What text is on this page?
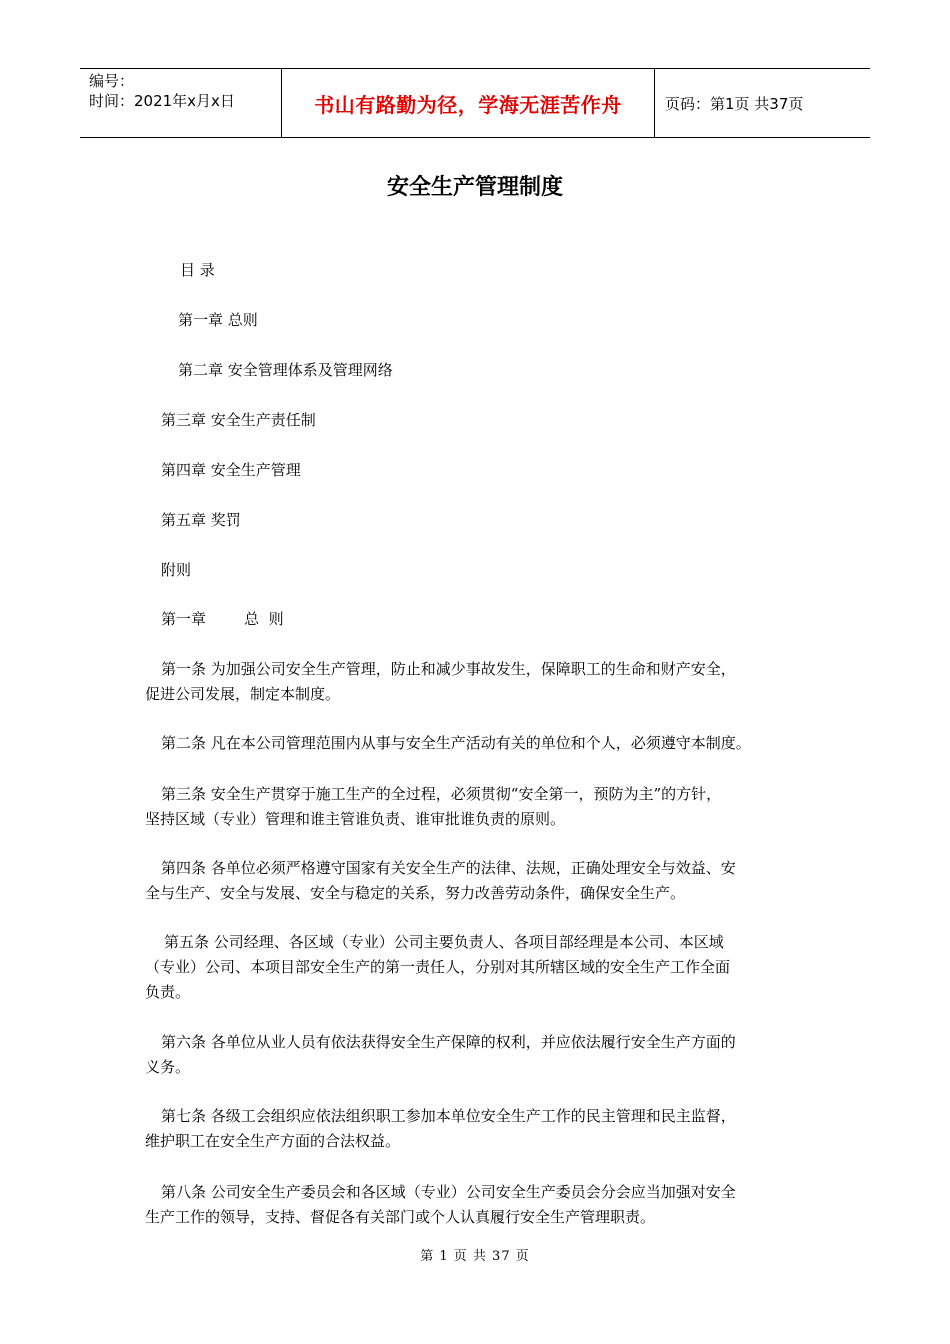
编号：
时间：2021年x月x日	书山有路勤为径，学海无涯苦作舟	页码：第1页 共37页
安全生产管理制度
目 录
第一章 总则
第二章 安全管理体系及管理网络
第三章 安全生产责任制
第四章 安全生产管理
第五章 奖罚
附则
第一章        总  则
第一条 为加强公司安全生产管理，防止和减少事故发生，保障职工的生命和财产安全，
促进公司发展，制定本制度。
第二条 凡在本公司管理范围内从事与安全生产活动有关的单位和个人，必须遵守本制度。
第三条 安全生产贯穿于施工生产的全过程，必须贯彻“安全第一，预防为主”的方针，
坚持区域（专业）管理和谁主管谁负责、谁审批谁负责的原则。
第四条 各单位必须严格遵守国家有关安全生产的法律、法规，正确处理安全与效益、安
全与生产、安全与发展、安全与稳定的关系，努力改善劳动条件，确保安全生产。
第五条 公司经理、各区域（专业）公司主要负责人、各项目部经理是本公司、本区域
（专业）公司、本项目部安全生产的第一责任人，分别对其所辖区域的安全生产工作全面
负责。
第六条 各单位从业人员有依法获得安全生产保障的权利，并应依法履行安全生产方面的
义务。
第七条 各级工会组织应依法组织职工参加本单位安全生产工作的民主管理和民主监督，
维护职工在安全生产方面的合法权益。
第八条 公司安全生产委员会和各区域（专业）公司安全生产委员会分会应当加强对安全
生产工作的领导，支持、督促各有关部门或个人认真履行安全生产管理职责。
第 1 页 共 37 页
